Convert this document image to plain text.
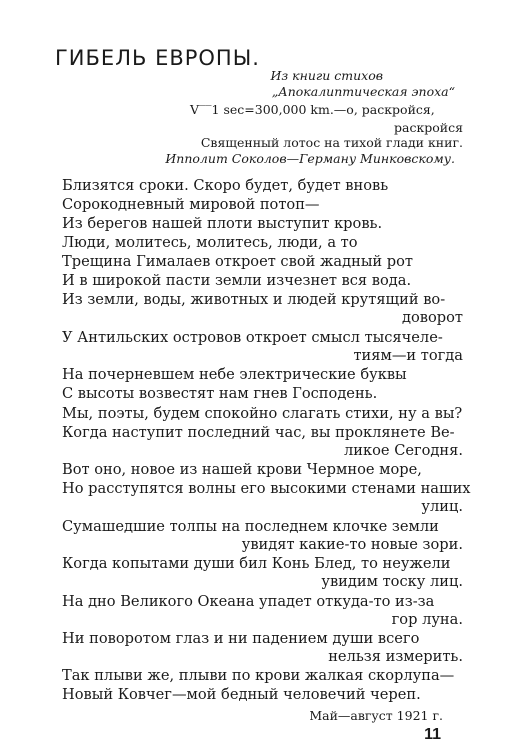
ГИБЕЛЬ ЕВРОПЫ.
Из книги стихов
„Апокалиптическая эпоха“
V‾‾1 sec=300,000 km.—о, раскройся,
раскройся
Священный лотос на тихой глади книг.
Ипполит Соколов—Герману Минковскому.
Близятся сроки. Скоро будет, будет вновь
Сорокодневный мировой потоп—
Из берегов нашей плоти выступит кровь.
Люди, молитесь, молитесь, люди, а то
Трещина Гималаев откроет свой жадный рот
И в широкой пасти земли изчезнет вся вода.
Из земли, воды, животных и людей крутящий во-
доворот
У Антильских островов откроет смысл тысячеле-
тиям—и тогда
На почерневшем небе электрические буквы
С высоты возвестят нам гнев Господень.
Мы, поэты, будем спокойно слагать стихи, ну а вы?
Когда наступит последний час, вы проклянете Ве-
ликое Сегодня.
Вот оно, новое из нашей крови Чермное море,
Но расступятся волны его высокими стенами наших
улиц.
Сумашедшие толпы на последнем клочке земли
увидят какие-то новые зори.
Когда копытами души бил Конь Блед, то неужели
увидим тоску лиц.
На дно Великого Океана упадет откуда-то из-за
гор луна.
Ни поворотом глаз и ни падением души всего
нельзя измерить.
Так плыви же, плыви по крови жалкая скорлупа—
Новый Ковчег—мой бедный человечий череп.
Май—август 1921 г.
11
